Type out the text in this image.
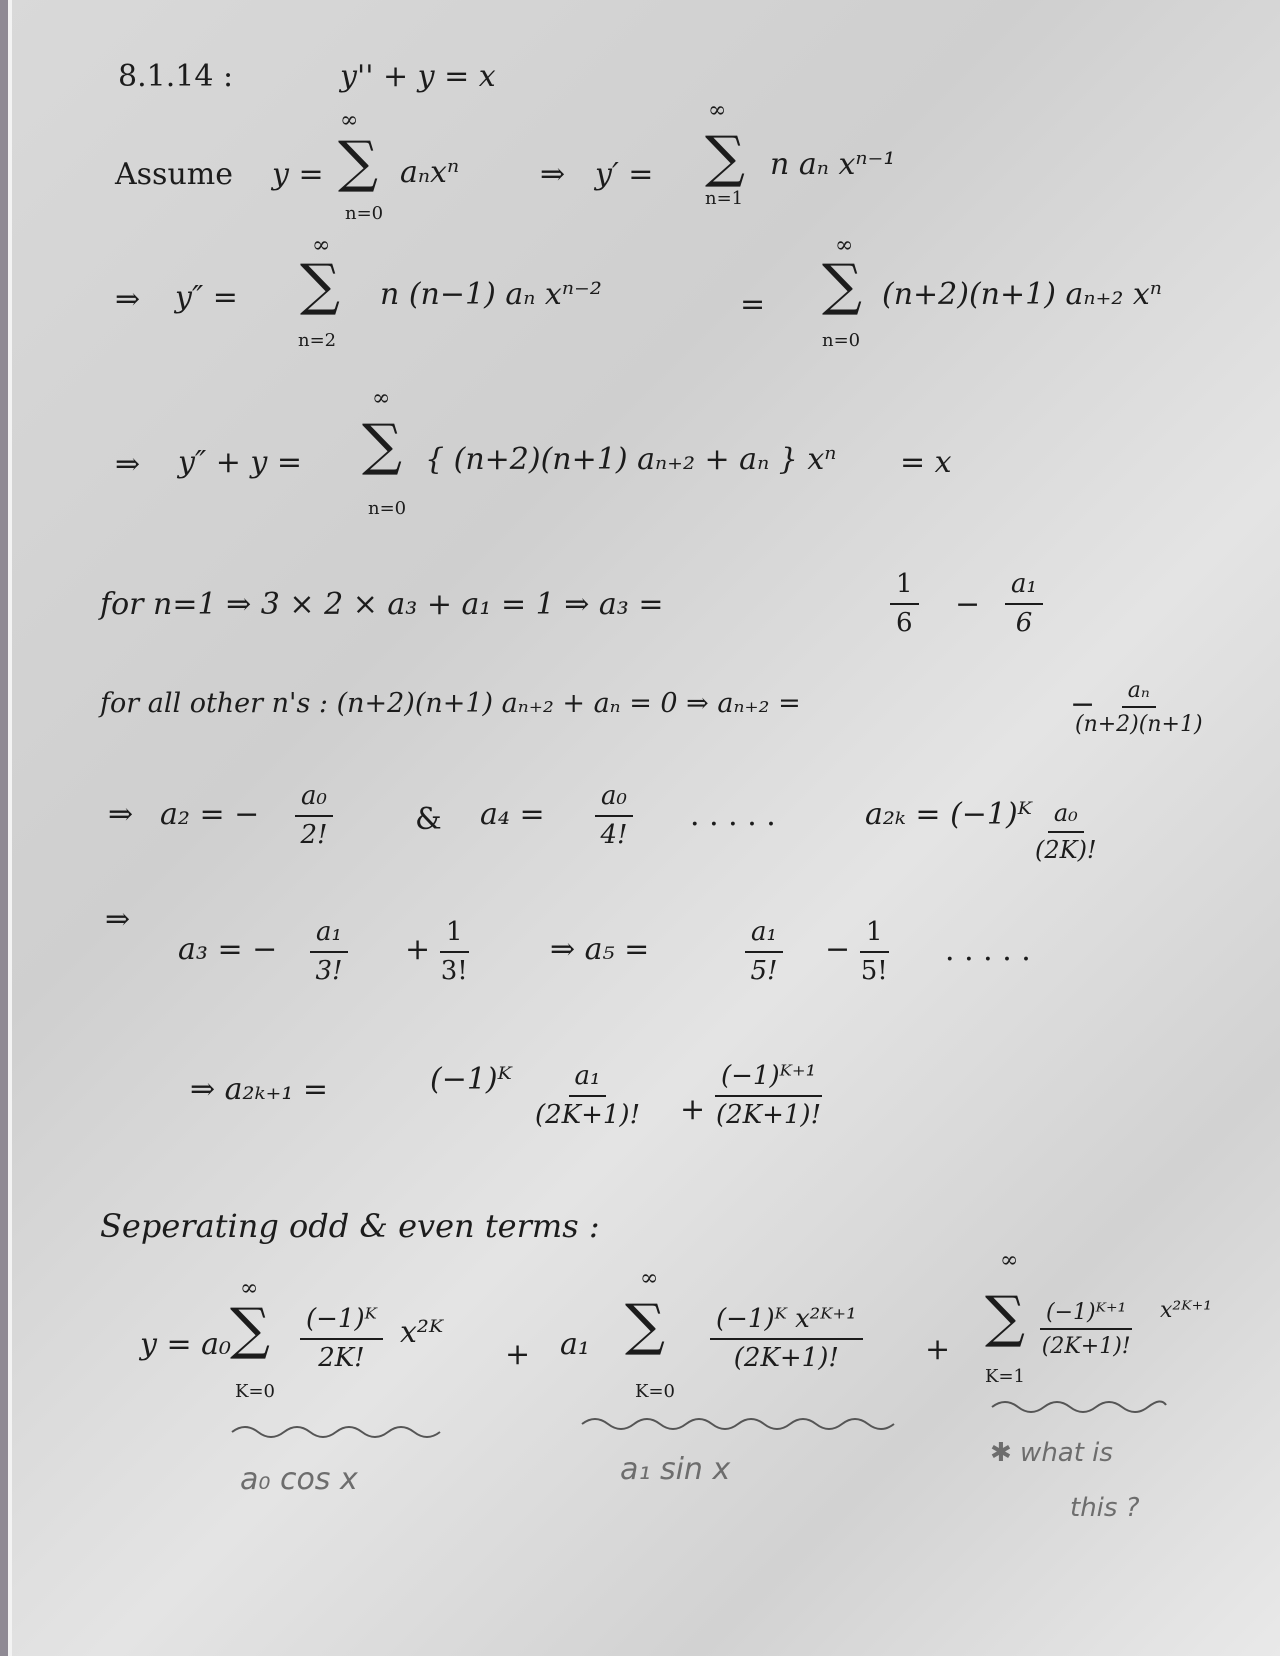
8.1.14 :	y'' + y = x
Assume y =
∞
∑
n=0
aₙxⁿ	⇒ y′ =
∞
∑
n=1
n aₙ xⁿ⁻¹
⇒ y″ =
∞
∑
n=2
n (n−1) aₙ xⁿ⁻²	=
∞
∑
n=0
(n+2)(n+1) aₙ₊₂ xⁿ
⇒ y″ + y =
∞
∑
n=0
{ (n+2)(n+1) aₙ₊₂ + aₙ } xⁿ = x
for n=1 ⇒ 3 × 2 × a₃ + a₁ = 1 ⇒ a₃ =	$\frac{1}{6} - \frac{\text{a₁}}{6}$
for all other n's : (n+2)(n+1) aₙ₊₂ + aₙ = 0 ⇒ aₙ₊₂ =	−
$\frac{\text{aₙ}}{(n+2)(n+1)}$
⇒ a₂ = − $\frac{\text{a₀}}{2!}$	& $a_4 = \frac{\text{a₀}}{4!}$ · · · · ·	a₂ₖ = (−1)ᴷ $\frac{\text{a₀}}{(2K)!}$
⇒
a₃ = − $\frac{\text{a₁}}{3!} + \frac{1}{3!}$	⇒ a₅ =	$\frac{\text{a₁}}{5!} - \frac{1}{5!}$ · · · · ·
⇒ a₂ₖ₊₁ =	(−1)ᴷ $\frac{\text{a₁}}{(2K+1)!} + \frac{\text{(−1)ᴷ⁺¹}}{(2K+1)!}$
Seperating odd & even terms :
y = a₀
∞
∑
K=0
$\frac{\text{(−1)ᴷ}}{2K!}$ x²ᴷ
+ a₁
∞
∑
K=0
$\frac{\text{(−1)ᴷ x²ᴷ⁺¹}}{(2K+1)!}$ + ∑
∞
K=1
$\frac{\text{(−1)ᴷ⁺¹}}{(2K+1)!}$ x²ᴷ⁺¹
a₀ cos x	a₁ sin x	✱ what is
this ?
